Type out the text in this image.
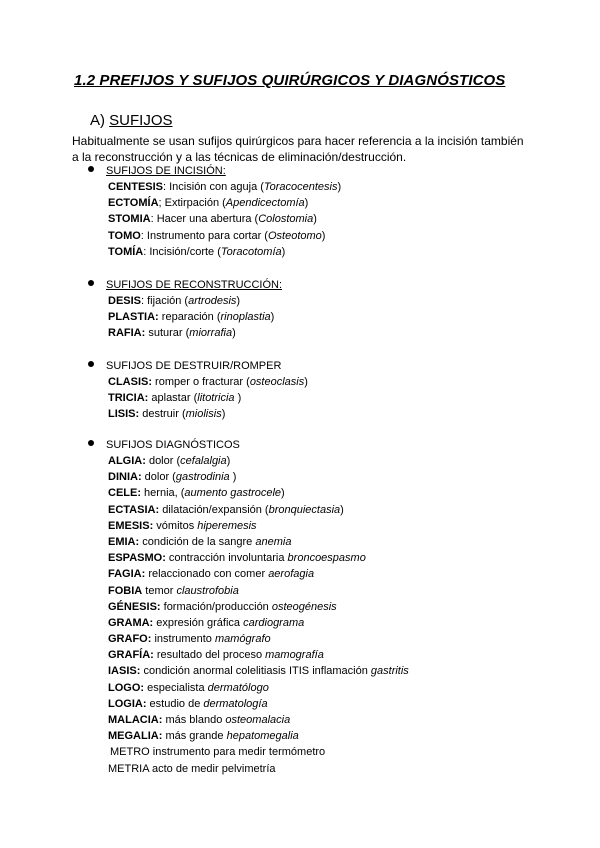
1.2 PREFIJOS Y SUFIJOS QUIRÚRGICOS Y DIAGNÓSTICOS
A) SUFIJOS
Habitualmente se usan sufijos quirúrgicos para hacer referencia a la incisión también a la reconstrucción y a las técnicas de eliminación/destrucción.
SUFIJOS DE INCISIÓN:
CENTESIS: Incisión con aguja (Toracocentesis)
ECTOMÍA; Extirpación (Apendicectomía)
STOMIA: Hacer una abertura (Colostomia)
TOMO: Instrumento para cortar (Osteotomo)
TOMÍA: Incisión/corte (Toracotomía)
SUFIJOS DE RECONSTRUCCIÓN:
DESIS: fijación (artrodesis)
PLASTIA: reparación (rinoplastia)
RAFIA: suturar (miorrafia)
SUFIJOS DE DESTRUIR/ROMPER
CLASIS: romper o fracturar (osteoclasis)
TRICIA: aplastar (litotricia )
LISIS: destruir (miolisis)
SUFIJOS DIAGNÓSTICOS
ALGIA: dolor (cefalalgia)
DINIA: dolor (gastrodinia )
CELE: hernia, (aumento gastrocele)
ECTASIA: dilatación/expansión (bronquiectasia)
EMESIS: vómitos hiperemesis
EMIA: condición de la sangre anemia
ESPASMO: contracción involuntaria broncoespasmo
FAGIA: relaccionado con comer aerofagia
FOBIA temor claustrofobia
GÉNESIS: formación/producción osteogénesis
GRAMA: expresión gráfica cardiograma
GRAFO: instrumento mamógrafo
GRAFÍA: resultado del proceso mamografía
IASIS: condición anormal colelitiasis ITIS inflamación gastritis
LOGO: especialista dermatólogo
LOGIA: estudio de dermatología
MALACIA: más blando osteomalacia
MEGALIA: más grande hepatomegalia
METRO instrumento para medir termómetro
METRIA acto de medir pelvimetría
